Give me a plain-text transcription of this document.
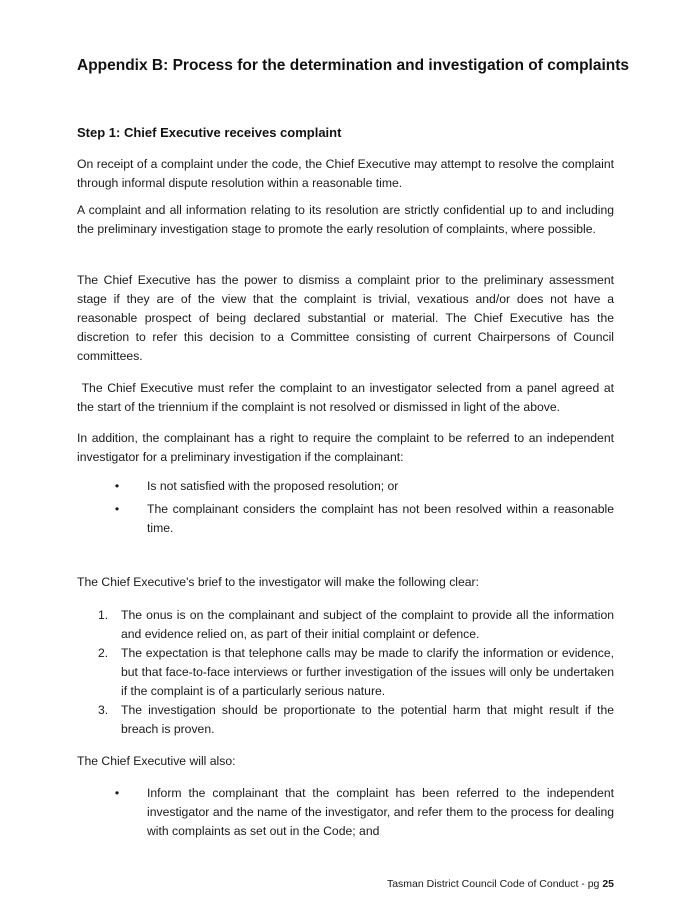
Appendix B: Process for the determination and investigation of complaints
Step 1: Chief Executive receives complaint

On receipt of a complaint under the code, the Chief Executive may attempt to resolve the complaint through informal dispute resolution within a reasonable time.

A complaint and all information relating to its resolution are strictly confidential up to and including the preliminary investigation stage to promote the early resolution of complaints, where possible.

The Chief Executive has the power to dismiss a complaint prior to the preliminary assessment stage if they are of the view that the complaint is trivial, vexatious and/or does not have a reasonable prospect of being declared substantial or material. The Chief Executive has the discretion to refer this decision to a Committee consisting of current Chairpersons of Council committees.

The Chief Executive must refer the complaint to an investigator selected from a panel agreed at the start of the triennium if the complaint is not resolved or dismissed in light of the above.

In addition, the complainant has a right to require the complaint to be referred to an independent investigator for a preliminary investigation if the complainant:

• Is not satisfied with the proposed resolution; or
• The complainant considers the complaint has not been resolved within a reasonable time.

The Chief Executive's brief to the investigator will make the following clear:

1.	The onus is on the complainant and subject of the complaint to provide all the information and evidence relied on, as part of their initial complaint or defence.
2.	The expectation is that telephone calls may be made to clarify the information or evidence, but that face-to-face interviews or further investigation of the issues will only be undertaken if the complaint is of a particularly serious nature.
3.	The investigation should be proportionate to the potential harm that might result if the breach is proven.

The Chief Executive will also:

• Inform the complainant that the complaint has been referred to the independent investigator and the name of the investigator, and refer them to the process for dealing with complaints as set out in the Code; and
Tasman District Council Code of Conduct - pg 25
